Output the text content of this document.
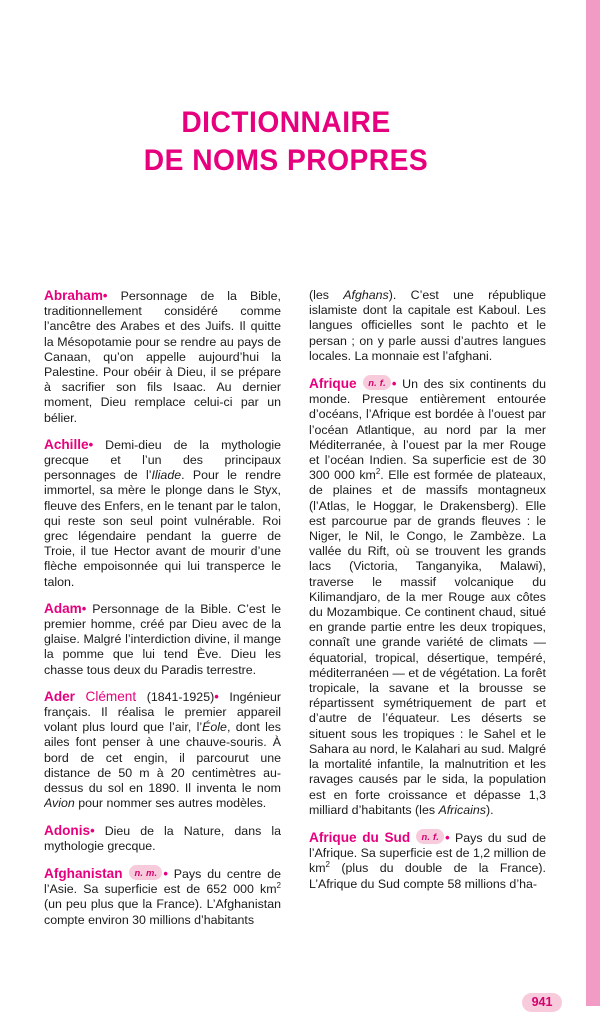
DICTIONNAIRE
DE NOMS PROPRES

Abraham• Personnage de la Bible, traditionnellement considéré comme l’ancêtre des Arabes et des Juifs. Il quitte la Mésopotamie pour se rendre au pays de Canaan, qu’on appelle aujourd’hui la Palestine. Pour obéir à Dieu, il se prépare à sacrifier son fils Isaac. Au dernier moment, Dieu remplace celui-ci par un bélier.

Achille• Demi-dieu de la mythologie grecque et l’un des principaux personnages de l’Iliade. Pour le rendre immortel, sa mère le plonge dans le Styx, fleuve des Enfers, en le tenant par le talon, qui reste son seul point vulnérable. Roi grec légendaire pendant la guerre de Troie, il tue Hector avant de mourir d’une flèche empoisonnée qui lui transperce le talon.

Adam• Personnage de la Bible. C’est le premier homme, créé par Dieu avec de la glaise. Malgré l’interdiction divine, il mange la pomme que lui tend Ève. Dieu les chasse tous deux du Paradis terrestre.

Ader Clément (1841-1925)• Ingénieur français. Il réalisa le premier appareil volant plus lourd que l’air, l’Éole, dont les ailes font penser à une chauve-souris. À bord de cet engin, il parcourut une distance de 50 m à 20 centimètres au-dessus du sol en 1890. Il inventa le nom Avion pour nommer ses autres modèles.

Adonis• Dieu de la Nature, dans la mythologie grecque.

Afghanistan n. m. • Pays du centre de l’Asie. Sa superficie est de 652 000 $km^2$ (un peu plus que la France). L’Afghanistan compte environ 30 millions d’habitants

(les Afghans). C’est une république islamiste dont la capitale est Kaboul. Les langues officielles sont le pachto et le persan ; on y parle aussi d’autres langues locales. La monnaie est l’afghani.

Afrique n. f. • Un des six continents du monde. Presque entièrement entourée d’océans, l’Afrique est bordée à l’ouest par l’océan Atlantique, au nord par la mer Méditerranée, à l’ouest par la mer Rouge et l’océan Indien. Sa superficie est de 30 300 000 $km^2$. Elle est formée de plateaux, de plaines et de massifs montagneux (l’Atlas, le Hoggar, le Drakensberg). Elle est parcourue par de grands fleuves : le Niger, le Nil, le Congo, le Zambèze. La vallée du Rift, où se trouvent les grands lacs (Victoria, Tanganyika, Malawi), traverse le massif volcanique du Kilimandjaro, de la mer Rouge aux côtes du Mozambique. Ce continent chaud, situé en grande partie entre les deux tropiques, connaît une grande variété de climats — équatorial, tropical, désertique, tempéré, méditerranéen — et de végétation. La forêt tropicale, la savane et la brousse se répartissent symétriquement de part et d’autre de l’équateur. Les déserts se situent sous les tropiques : le Sahel et le Sahara au nord, le Kalahari au sud. Malgré la mortalité infantile, la malnutrition et les ravages causés par le sida, la population est en forte croissance et dépasse 1,3 milliard d’habitants (les Africains).

Afrique du Sud n. f. • Pays du sud de l’Afrique. Sa superficie est de 1,2 million de $km^2$ (plus du double de la France). L’Afrique du Sud compte 58 millions d’ha-

941
